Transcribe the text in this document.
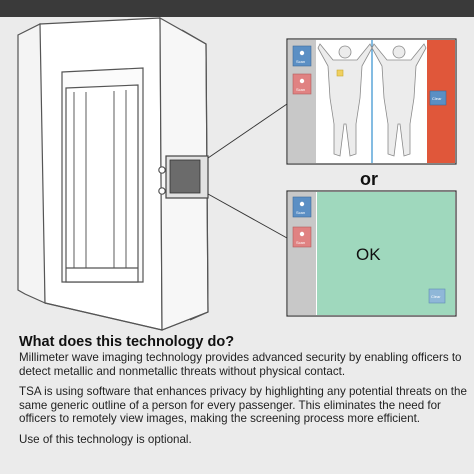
Scan
Scan
Clear
or
Scan
Scan
OK
Clear
What does this technology do?

Millimeter wave imaging technology provides advanced security by enabling officers to detect metallic and nonmetallic threats without physical contact.

TSA is using software that enhances privacy by highlighting any potential threats on the same generic outline of a person for every passenger. This eliminates the need for officers to remotely view images, making the screening process more efficient.

Use of this technology is optional.
